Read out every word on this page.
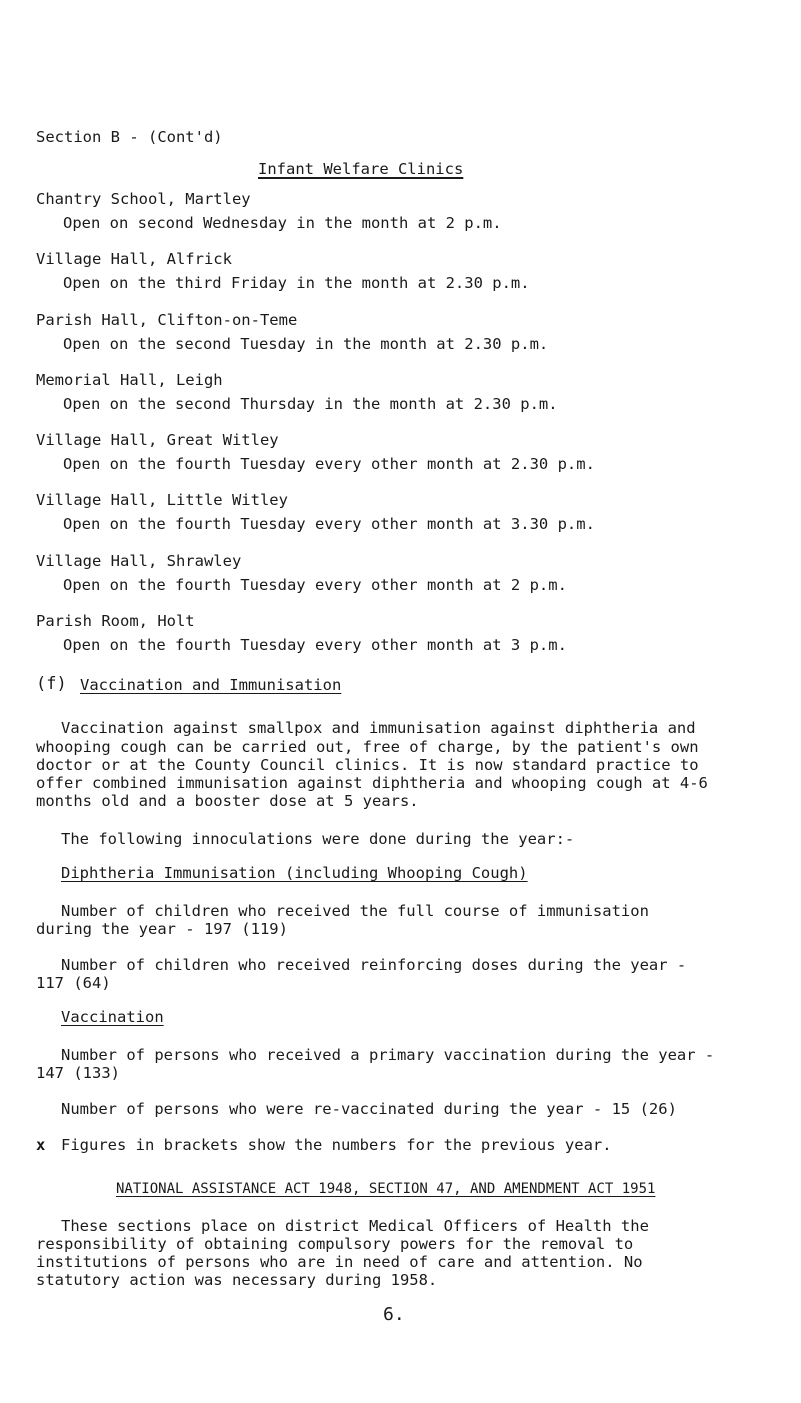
Section B - (Cont'd)
Infant Welfare Clinics
Chantry School, Martley
Open on second Wednesday in the month at 2 p.m.
Village Hall, Alfrick
Open on the third Friday in the month at 2.30 p.m.
Parish Hall, Clifton-on-Teme
Open on the second Tuesday in the month at 2.30 p.m.
Memorial Hall, Leigh
Open on the second Thursday in the month at 2.30 p.m.
Village Hall, Great Witley
Open on the fourth Tuesday every other month at 2.30 p.m.
Village Hall, Little Witley
Open on the fourth Tuesday every other month at 3.30 p.m.
Village Hall, Shrawley
Open on the fourth Tuesday every other month at 2 p.m.
Parish Room, Holt
Open on the fourth Tuesday every other month at 3 p.m.
(f) Vaccination and Immunisation
Vaccination against smallpox and immunisation against diphtheria and
whooping cough can be carried out, free of charge, by the patient's own
doctor or at the County Council clinics. It is now standard practice to
offer combined immunisation against diphtheria and whooping cough at 4-6
months old and a booster dose at 5 years.
The following innoculations were done during the year:-
Diphtheria Immunisation (including Whooping Cough)
Number of children who received the full course of immunisation
during the year - 197 (119)
Number of children who received reinforcing doses during the year -
117 (64)
Vaccination
Number of persons who received a primary vaccination during the year -
147 (133)
Number of persons who were re-vaccinated during the year - 15 (26)
x Figures in brackets show the numbers for the previous year.
NATIONAL ASSISTANCE ACT 1948, SECTION 47, AND AMENDMENT ACT 1951
These sections place on district Medical Officers of Health the
responsibility of obtaining compulsory powers for the removal to
institutions of persons who are in need of care and attention. No
statutory action was necessary during 1958.
6.
